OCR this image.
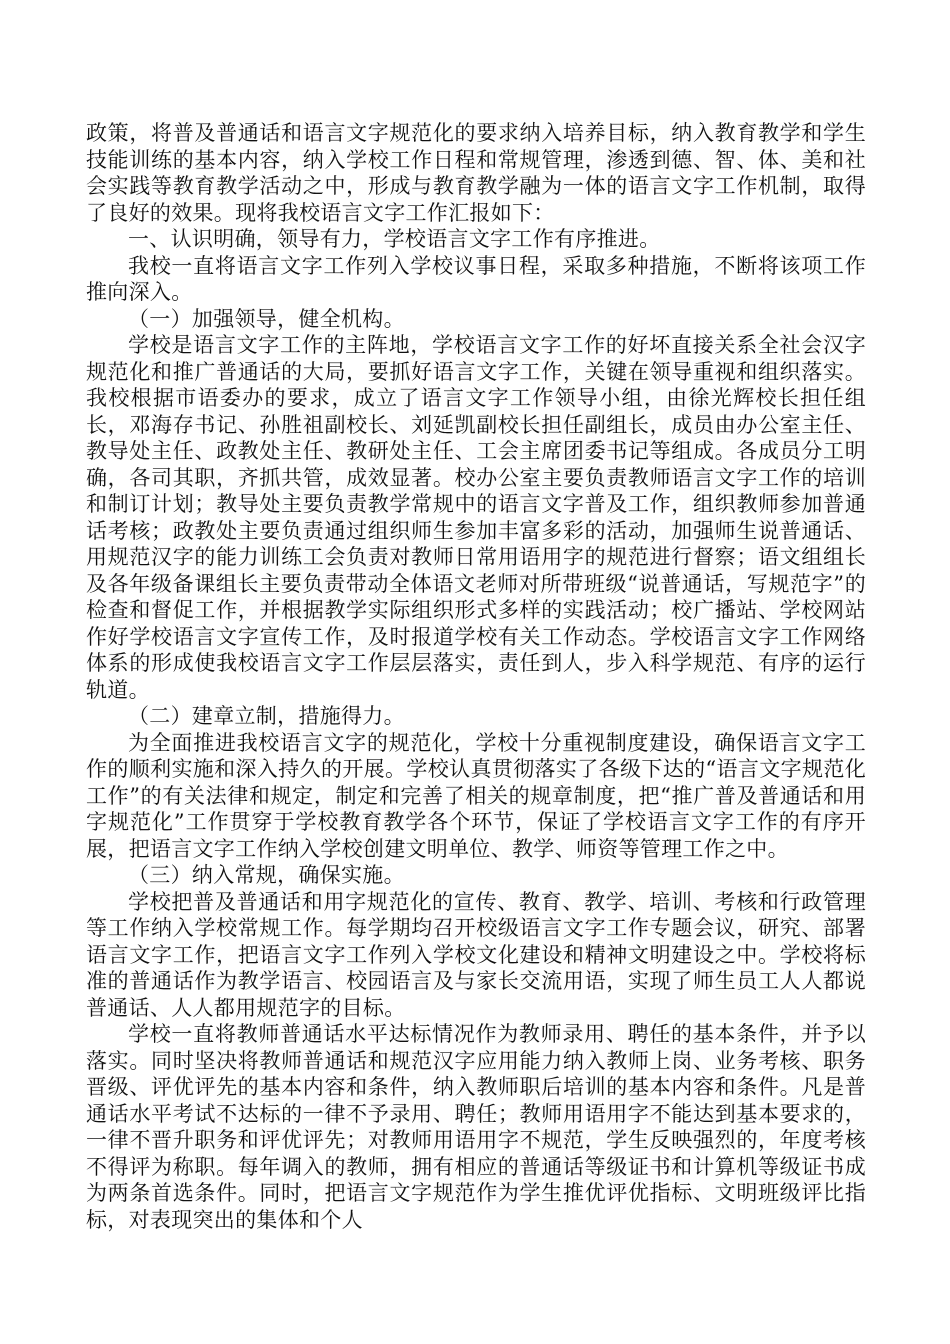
政策，将普及普通话和语言文字规范化的要求纳入培养目标，纳入教育教学和学生技能训练的基本内容，纳入学校工作日程和常规管理，渗透到德、智、体、美和社会实践等教育教学活动之中，形成与教育教学融为一体的语言文字工作机制，取得了良好的效果。现将我校语言文字工作汇报如下：

一、认识明确，领导有力，学校语言文字工作有序推进。

我校一直将语言文字工作列入学校议事日程，采取多种措施，不断将该项工作推向深入。

（一）加强领导，健全机构。

学校是语言文字工作的主阵地，学校语言文字工作的好坏直接关系全社会汉字规范化和推广普通话的大局，要抓好语言文字工作，关键在领导重视和组织落实。我校根据市语委办的要求，成立了语言文字工作领导小组，由徐光辉校长担任组长，邓海存书记、孙胜祖副校长、刘延凯副校长担任副组长，成员由办公室主任、教导处主任、政教处主任、教研处主任、工会主席团委书记等组成。各成员分工明确，各司其职，齐抓共管，成效显著。校办公室主要负责教师语言文字工作的培训和制订计划；教导处主要负责教学常规中的语言文字普及工作，组织教师参加普通话考核；政教处主要负责通过组织师生参加丰富多彩的活动，加强师生说普通话、用规范汉字的能力训练工会负责对教师日常用语用字的规范进行督察；语文组组长及各年级备课组长主要负责带动全体语文老师对所带班级“说普通话，写规范字”的检查和督促工作，并根据教学实际组织形式多样的实践活动；校广播站、学校网站作好学校语言文字宣传工作，及时报道学校有关工作动态。学校语言文字工作网络体系的形成使我校语言文字工作层层落实，责任到人，步入科学规范、有序的运行轨道。

（二）建章立制，措施得力。

为全面推进我校语言文字的规范化，学校十分重视制度建设，确保语言文字工作的顺利实施和深入持久的开展。学校认真贯彻落实了各级下达的“语言文字规范化工作”的有关法律和规定，制定和完善了相关的规章制度，把“推广普及普通话和用字规范化”工作贯穿于学校教育教学各个环节，保证了学校语言文字工作的有序开展，把语言文字工作纳入学校创建文明单位、教学、师资等管理工作之中。

（三）纳入常规，确保实施。

学校把普及普通话和用字规范化的宣传、教育、教学、培训、考核和行政管理等工作纳入学校常规工作。每学期均召开校级语言文字工作专题会议，研究、部署语言文字工作，把语言文字工作列入学校文化建设和精神文明建设之中。学校将标准的普通话作为教学语言、校园语言及与家长交流用语，实现了师生员工人人都说普通话、人人都用规范字的目标。

学校一直将教师普通话水平达标情况作为教师录用、聘任的基本条件，并予以落实。同时坚决将教师普通话和规范汉字应用能力纳入教师上岗、业务考核、职务晋级、评优评先的基本内容和条件，纳入教师职后培训的基本内容和条件。凡是普通话水平考试不达标的一律不予录用、聘任；教师用语用字不能达到基本要求的，一律不晋升职务和评优评先；对教师用语用字不规范，学生反映强烈的，年度考核不得评为称职。每年调入的教师，拥有相应的普通话等级证书和计算机等级证书成为两条首选条件。同时，把语言文字规范作为学生推优评优指标、文明班级评比指标，对表现突出的集体和个人
